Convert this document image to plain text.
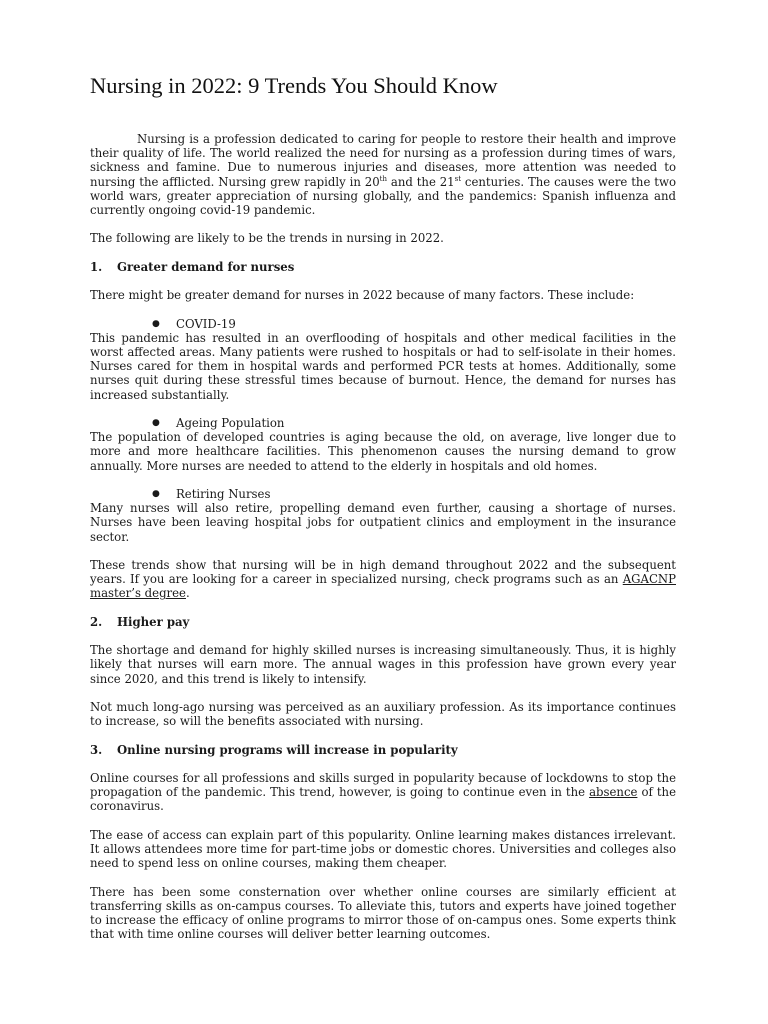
Nursing in 2022: 9 Trends You Should Know

Nursing is a profession dedicated to caring for people to restore their health and improve their quality of life. The world realized the need for nursing as a profession during times of wars, sickness and famine. Due to numerous injuries and diseases, more attention was needed to nursing the afflicted. Nursing grew rapidly in 20th and the 21st centuries. The causes were the two world wars, greater appreciation of nursing globally, and the pandemics: Spanish influenza and currently ongoing covid-19 pandemic.

The following are likely to be the trends in nursing in 2022.

1. Greater demand for nurses

There might be greater demand for nurses in 2022 because of many factors. These include:

● COVID-19

This pandemic has resulted in an overflooding of hospitals and other medical facilities in the worst affected areas. Many patients were rushed to hospitals or had to self-isolate in their homes. Nurses cared for them in hospital wards and performed PCR tests at homes. Additionally, some nurses quit during these stressful times because of burnout. Hence, the demand for nurses has increased substantially.

● Ageing Population

The population of developed countries is aging because the old, on average, live longer due to more and more healthcare facilities. This phenomenon causes the nursing demand to grow annually. More nurses are needed to attend to the elderly in hospitals and old homes.

● Retiring Nurses

Many nurses will also retire, propelling demand even further, causing a shortage of nurses. Nurses have been leaving hospital jobs for outpatient clinics and employment in the insurance sector.

These trends show that nursing will be in high demand throughout 2022 and the subsequent years. If you are looking for a career in specialized nursing, check programs such as an AGACNP master’s degree.

2. Higher pay

The shortage and demand for highly skilled nurses is increasing simultaneously. Thus, it is highly likely that nurses will earn more. The annual wages in this profession have grown every year since 2020, and this trend is likely to intensify.

Not much long-ago nursing was perceived as an auxiliary profession. As its importance continues to increase, so will the benefits associated with nursing.

3. Online nursing programs will increase in popularity

Online courses for all professions and skills surged in popularity because of lockdowns to stop the propagation of the pandemic. This trend, however, is going to continue even in the absence of the coronavirus.

The ease of access can explain part of this popularity. Online learning makes distances irrelevant. It allows attendees more time for part-time jobs or domestic chores. Universities and colleges also need to spend less on online courses, making them cheaper.

There has been some consternation over whether online courses are similarly efficient at transferring skills as on-campus courses. To alleviate this, tutors and experts have joined together to increase the efficacy of online programs to mirror those of on-campus ones. Some experts think that with time online courses will deliver better learning outcomes.
